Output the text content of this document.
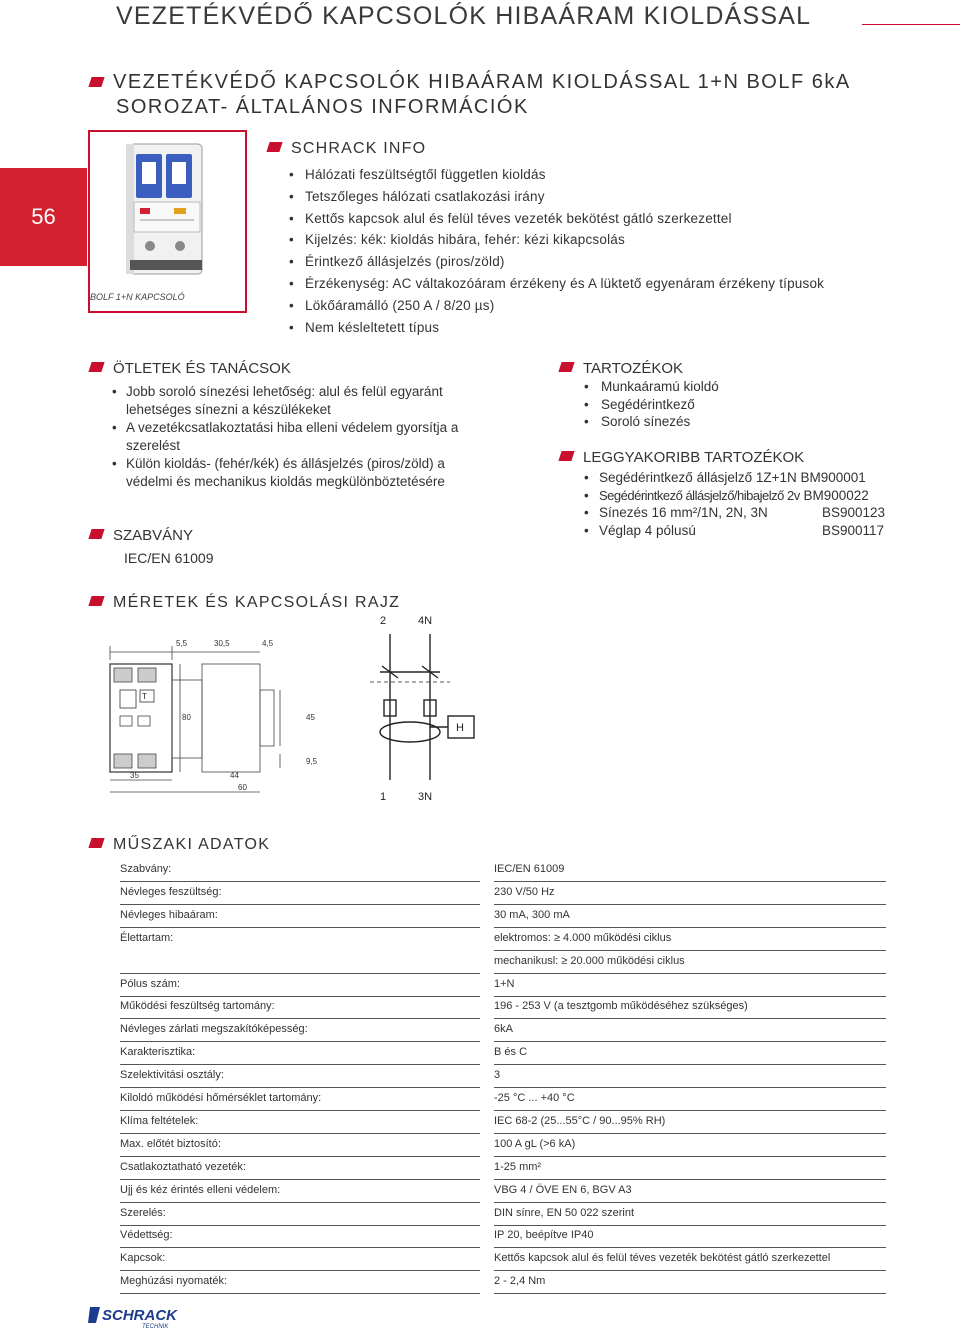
VEZETÉKVÉDŐ KAPCSOLÓK HIBAÁRAM KIOLDÁSSAL
56
VEZETÉKVÉDŐ KAPCSOLÓK HIBAÁRAM KIOLDÁSSAL 1+N BOLF 6kA
SOROZAT- ÁLTALÁNOS INFORMÁCIÓK
BOLF 1+N KAPCSOLÓ
SCHRACK INFO
• Hálózati feszültségtől független kioldás
• Tetszőleges hálózati csatlakozási irány
• Kettős kapcsok alul és felül téves vezeték bekötést gátló szerkezettel
• Kijelzés: kék: kioldás hibára, fehér: kézi kikapcsolás
• Érintkező állásjelzés (piros/zöld)
• Érzékenység: AC váltakozóáram érzékeny és A lüktető egyenáram érzékeny típusok
• Lökőáramálló (250 A / 8/20 µs)
• Nem késleltetett típus
ÖTLETEK ÉS TANÁCSOK
• Jobb soroló sínezési lehetőség: alul és felül egyaránt lehetséges sínezni a készülékeket
• A vezetékcsatlakoztatási hiba elleni védelem gyorsítja a szerelést
• Külön kioldás- (fehér/kék) és állásjelzés (piros/zöld) a védelmi és mechanikus kioldás megkülönböztetésére
SZABVÁNY
IEC/EN 61009
TARTOZÉKOK
• Munkaáramú kioldó
• Segédérintkező
• Soroló sínezés
LEGGYAKORIBB TARTOZÉKOK
• Segédérintkező állásjelző 1Z+1N BM900001
• Segédérintkező állásjelző/hibajelző 2v BM900022
• Sínezés 16 mm²/1N, 2N, 3N	BS900123
• Véglap 4 pólusú	BS900117
MÉRETEK ÉS KAPCSOLÁSI RAJZ
5,5	30,5	4,5
80	45
9,5
35	44
60
2	4N
1	3N
H
T
MŰSZAKI ADATOK
Szabvány:	IEC/EN 61009
Névleges feszültség:	230 V/50 Hz
Névleges hibaáram:	30 mA, 300 mA
Élettartam:	elektromos: ≥ 4.000 működési ciklus
mechanikusl: ≥ 20.000 működési ciklus
Pólus szám:	1+N
Működési feszültség tartomány:	196 - 253 V (a tesztgomb működéséhez szükséges)
Névleges zárlati megszakítóképesség:	6kA
Karakterisztika:	B és C
Szelektivitási osztály:	3
Kiloldó működési hőmérséklet tartomány:	-25 °C ... +40 °C
Klíma feltételek:	IEC 68-2 (25...55°C / 90...95% RH)
Max. előtét biztosító:	100 A gL (>6 kA)
Csatlakoztatható vezeték:	1-25 mm²
Ujj és kéz érintés elleni védelem:	VBG 4 / ÖVE EN 6, BGV A3
Szerelés:	DIN sínre, EN 50 022 szerint
Védettség:	IP 20, beépítve IP40
Kapcsok:	Kettős kapcsok alul és felül téves vezeték bekötést gátló szerkezettel
Meghúzási nyomaték:	2 - 2,4 Nm
SCHRACK
TECHNIK
